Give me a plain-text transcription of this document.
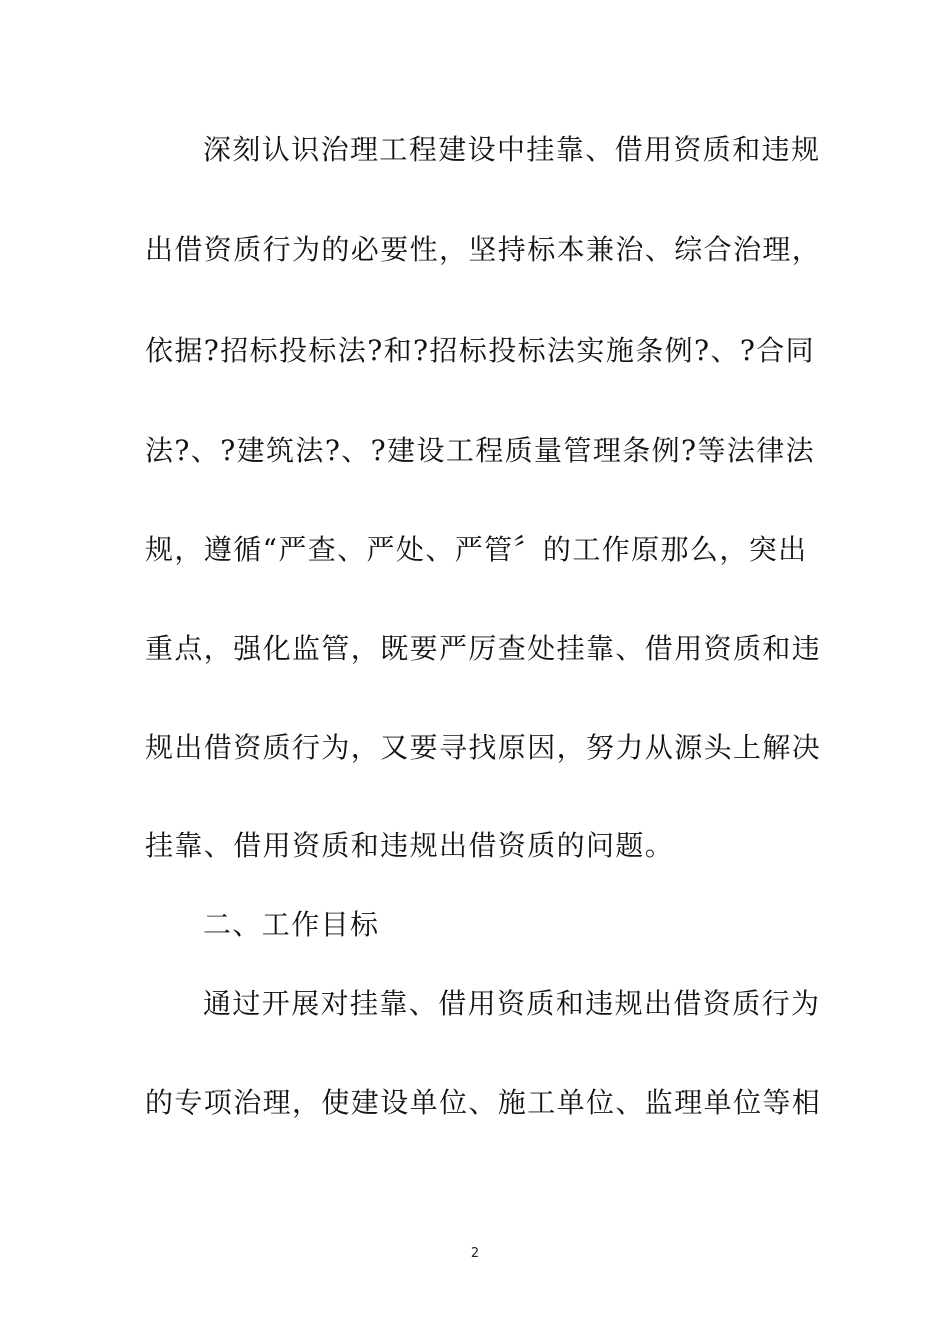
深刻认识治理工程建设中挂靠、借用资质和违规
出借资质行为的必要性，坚持标本兼治、综合治理，
依据?招标投标法?和?招标投标法实施条例?、?合同
法?、?建筑法?、?建设工程质量管理条例?等法律法
规，遵循“严查、严处、严管〞的工作原那么，突出
重点，强化监管，既要严厉查处挂靠、借用资质和违
规出借资质行为，又要寻找原因，努力从源头上解决
挂靠、借用资质和违规出借资质的问题。
二、工作目标
通过开展对挂靠、借用资质和违规出借资质行为
的专项治理，使建设单位、施工单位、监理单位等相
2
